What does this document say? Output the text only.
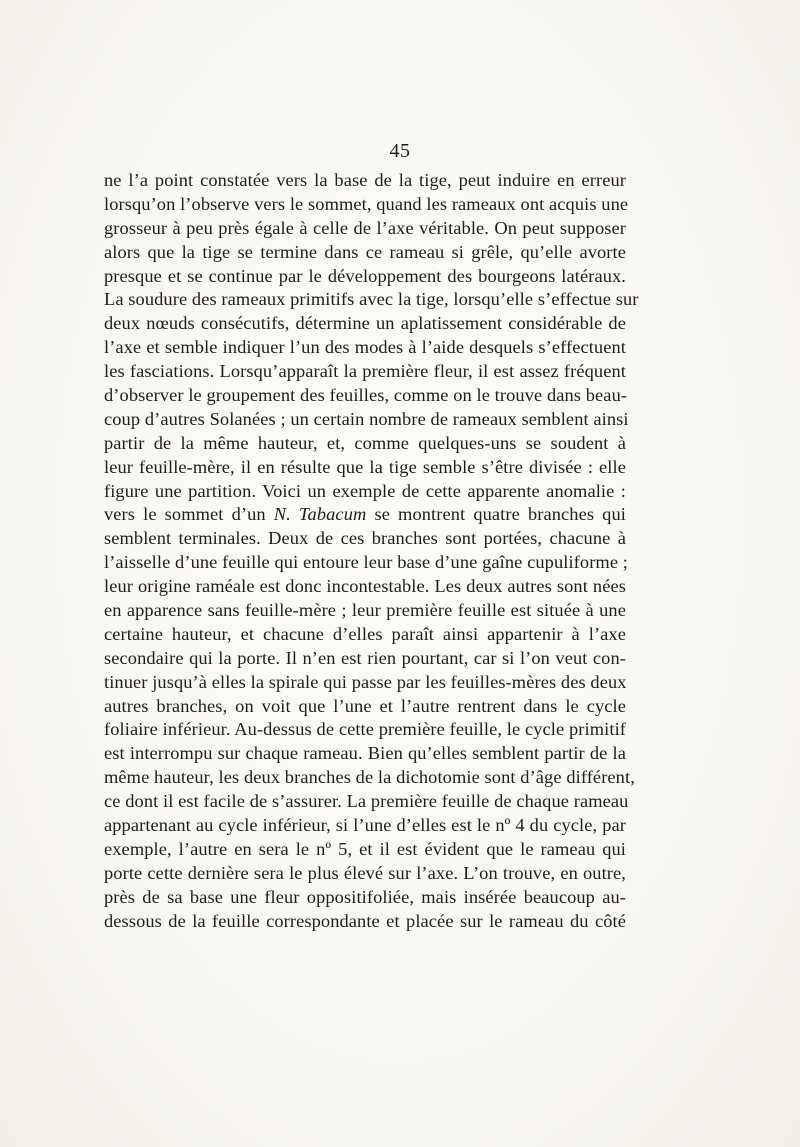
45
ne l’a point constatée vers la base de la tige, peut induire en erreur
lorsqu’on l’observe vers le sommet, quand les rameaux ont acquis une
grosseur à peu près égale à celle de l’axe véritable. On peut supposer
alors que la tige se termine dans ce rameau si grêle, qu’elle avorte
presque et se continue par le développement des bourgeons latéraux.
La soudure des rameaux primitifs avec la tige, lorsqu’elle s’effectue sur
deux nœuds consécutifs, détermine un aplatissement considérable de
l’axe et semble indiquer l’un des modes à l’aide desquels s’effectuent
les fasciations. Lorsqu’apparaît la première fleur, il est assez fréquent
d’observer le groupement des feuilles, comme on le trouve dans beau-
coup d’autres Solanées ; un certain nombre de rameaux semblent ainsi
partir de la même hauteur, et, comme quelques-uns se soudent à
leur feuille-mère, il en résulte que la tige semble s’être divisée : elle
figure une partition. Voici un exemple de cette apparente anomalie :
vers le sommet d’un N. Tabacum se montrent quatre branches qui
semblent terminales. Deux de ces branches sont portées, chacune à
l’aisselle d’une feuille qui entoure leur base d’une gaîne cupuliforme ;
leur origine raméale est donc incontestable. Les deux autres sont nées
en apparence sans feuille-mère ; leur première feuille est située à une
certaine hauteur, et chacune d’elles paraît ainsi appartenir à l’axe
secondaire qui la porte. Il n’en est rien pourtant, car si l’on veut con-
tinuer jusqu’à elles la spirale qui passe par les feuilles-mères des deux
autres branches, on voit que l’une et l’autre rentrent dans le cycle
foliaire inférieur. Au-dessus de cette première feuille, le cycle primitif
est interrompu sur chaque rameau. Bien qu’elles semblent partir de la
même hauteur, les deux branches de la dichotomie sont d’âge différent,
ce dont il est facile de s’assurer. La première feuille de chaque rameau
appartenant au cycle inférieur, si l’une d’elles est le nº 4 du cycle, par
exemple, l’autre en sera le nº 5, et il est évident que le rameau qui
porte cette dernière sera le plus élevé sur l’axe. L’on trouve, en outre,
près de sa base une fleur oppositifoliée, mais insérée beaucoup au-
dessous de la feuille correspondante et placée sur le rameau du côté
